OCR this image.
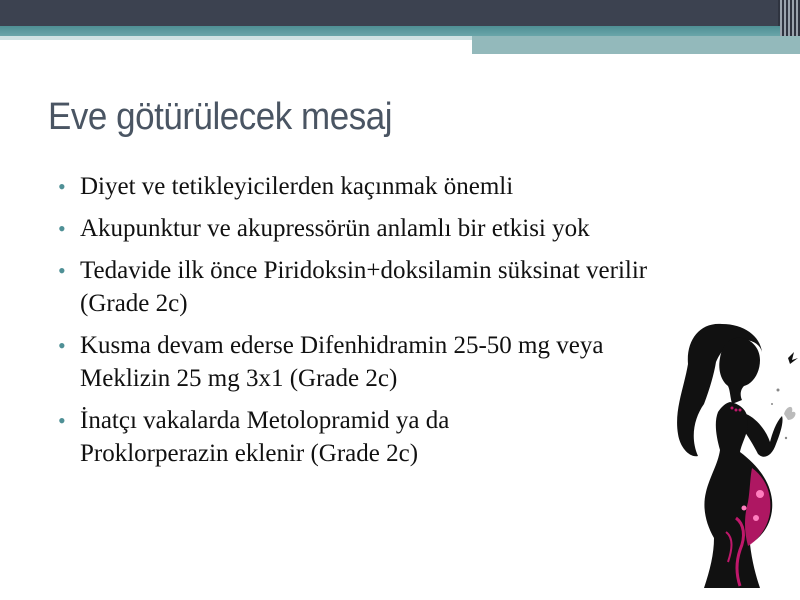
Eve götürülecek mesaj
• Diyet ve tetikleyicilerden kaçınmak önemli
• Akupunktur ve akupressörün anlamlı bir etkisi yok
• Tedavide ilk önce Piridoksin+doksilamin süksinat verilir (Grade 2c)
• Kusma devam ederse Difenhidramin 25-50 mg veya Meklizin 25 mg 3x1 (Grade 2c)
• İnatçı vakalarda Metolopramid ya da Proklorperazin eklenir (Grade 2c)
